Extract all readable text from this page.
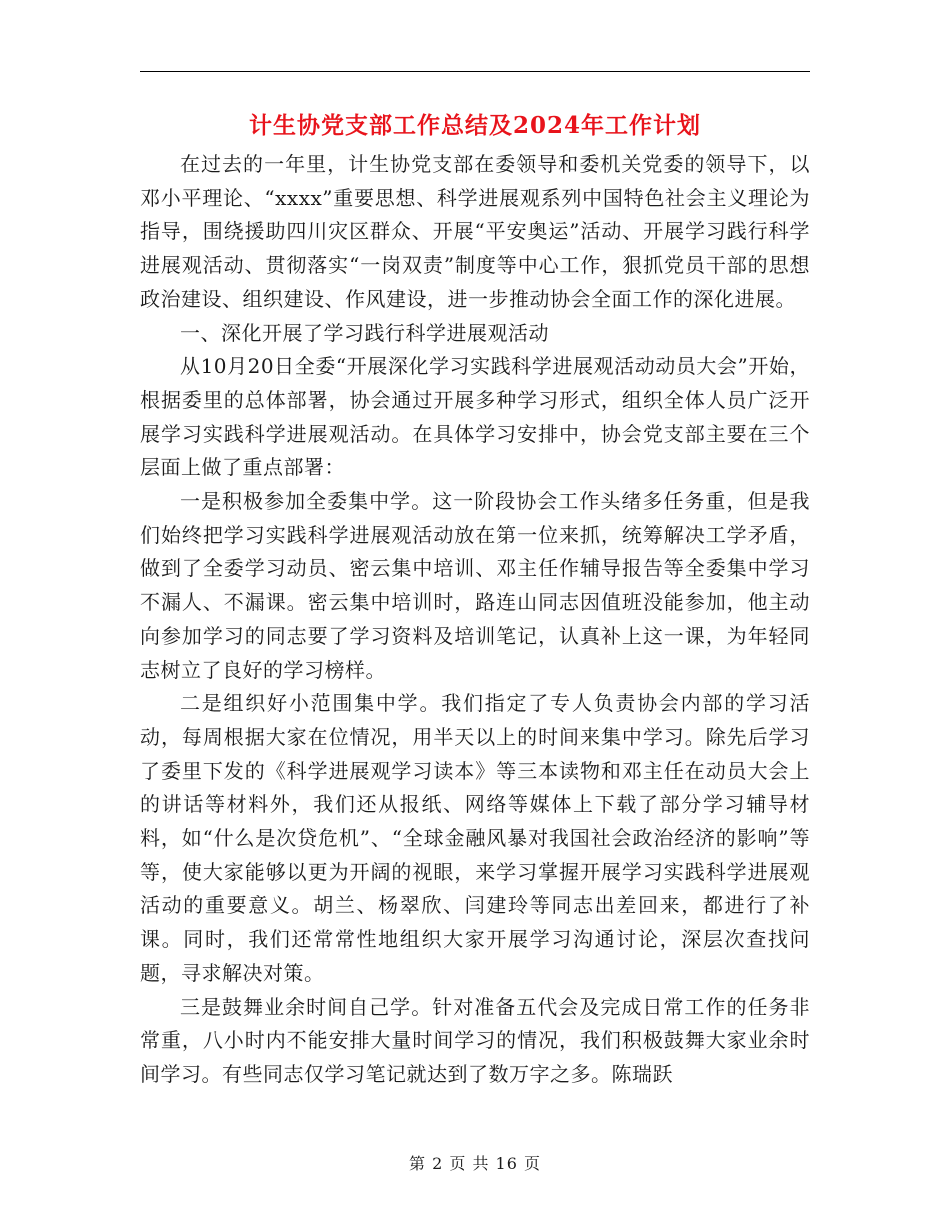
计生协党支部工作总结及2024年工作计划

在过去的一年里，计生协党支部在委领导和委机关党委的领导下，以邓小平理论、“xxxx”重要思想、科学进展观系列中国特色社会主义理论为指导，围绕援助四川灾区群众、开展“平安奥运”活动、开展学习践行科学进展观活动、贯彻落实“一岗双责”制度等中心工作，狠抓党员干部的思想政治建设、组织建设、作风建设，进一步推动协会全面工作的深化进展。

一、深化开展了学习践行科学进展观活动

从10月20日全委“开展深化学习实践科学进展观活动动员大会”开始，根据委里的总体部署，协会通过开展多种学习形式，组织全体人员广泛开展学习实践科学进展观活动。在具体学习安排中，协会党支部主要在三个层面上做了重点部署：

一是积极参加全委集中学。这一阶段协会工作头绪多任务重，但是我们始终把学习实践科学进展观活动放在第一位来抓，统筹解决工学矛盾，做到了全委学习动员、密云集中培训、邓主任作辅导报告等全委集中学习不漏人、不漏课。密云集中培训时，路连山同志因值班没能参加，他主动向参加学习的同志要了学习资料及培训笔记，认真补上这一课，为年轻同志树立了良好的学习榜样。

二是组织好小范围集中学。我们指定了专人负责协会内部的学习活动，每周根据大家在位情况，用半天以上的时间来集中学习。除先后学习了委里下发的《科学进展观学习读本》等三本读物和邓主任在动员大会上的讲话等材料外，我们还从报纸、网络等媒体上下载了部分学习辅导材料，如“什么是次贷危机”、“全球金融风暴对我国社会政治经济的影响”等等，使大家能够以更为开阔的视眼，来学习掌握开展学习实践科学进展观活动的重要意义。胡兰、杨翠欣、闫建玲等同志出差回来，都进行了补课。同时，我们还常常性地组织大家开展学习沟通讨论，深层次查找问题，寻求解决对策。

三是鼓舞业余时间自己学。针对准备五代会及完成日常工作的任务非常重，八小时内不能安排大量时间学习的情况，我们积极鼓舞大家业余时间学习。有些同志仅学习笔记就达到了数万字之多。陈瑞跃

第 2 页 共 16 页
